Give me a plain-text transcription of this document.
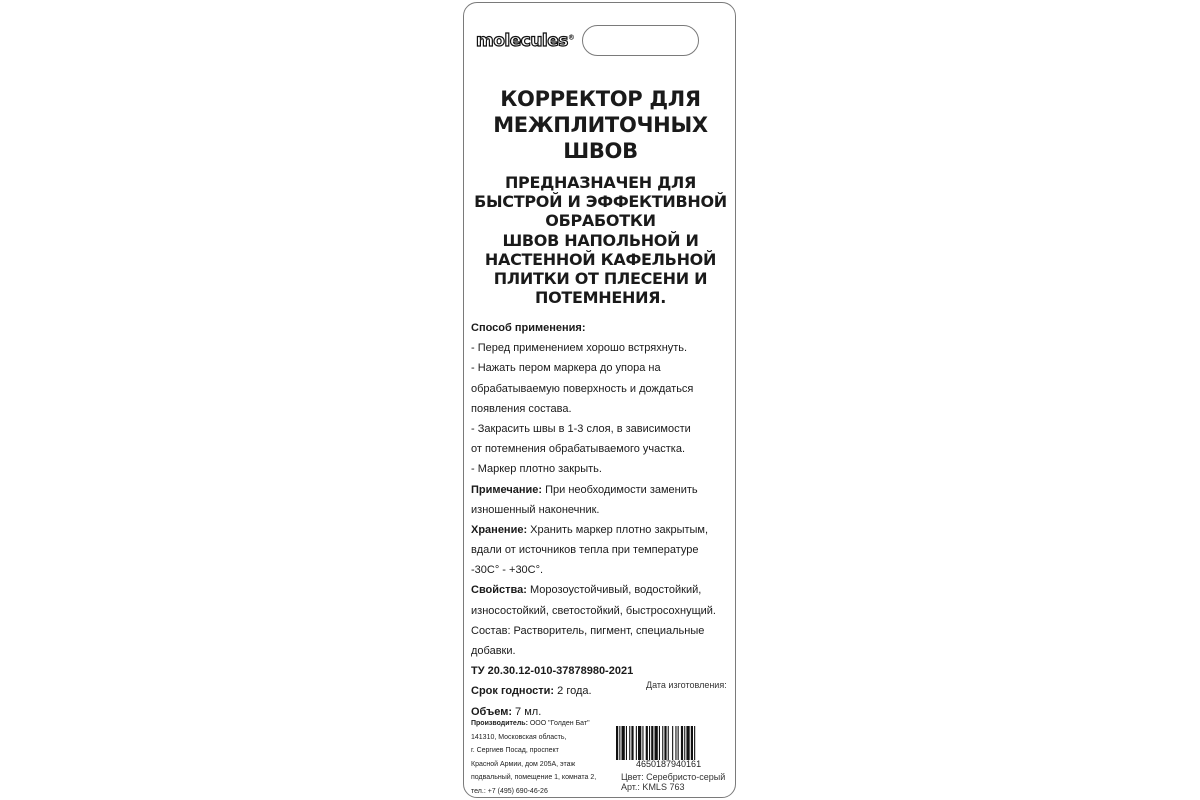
molecules®
КОРРЕКТОР ДЛЯ
МЕЖПЛИТОЧНЫХ
ШВОВ
ПРЕДНАЗНАЧЕН ДЛЯ
БЫСТРОЙ И ЭФФЕКТИВНОЙ
ОБРАБОТКИ
ШВОВ НАПОЛЬНОЙ И
НАСТЕННОЙ КАФЕЛЬНОЙ
ПЛИТКИ ОТ ПЛЕСЕНИ И
ПОТЕМНЕНИЯ.
Способ применения:
- Перед применением хорошо встряхнуть.
- Нажать пером маркера до упора на
обрабатываемую поверхность и дождаться
появления состава.
- Закрасить швы в 1-3 слоя, в зависимости
от потемнения обрабатываемого участка.
- Маркер плотно закрыть.
Примечание: При необходимости заменить
изношенный наконечник.
Хранение: Хранить маркер плотно закрытым,
вдали от источников тепла при температуре
-30С° - +30С°.
Свойства: Морозоустойчивый, водостойкий,
износостойкий, светостойкий, быстросохнущий.
Состав: Растворитель, пигмент, специальные
добавки.
ТУ 20.30.12-010-37878980-2021
Срок годности: 2 года.
Объем: 7 мл.
Дата изготовления:
Производитель: ООО "Голден Бат"
141310, Московская область,
г. Сергиев Посад, проспект
Красной Армии, дом 205А, этаж
подвальный, помещение 1, комната 2,
тел.: +7 (495) 690-46-26
4650187940161
Цвет: Серебристо-серый
Арт.: KMLS 763
